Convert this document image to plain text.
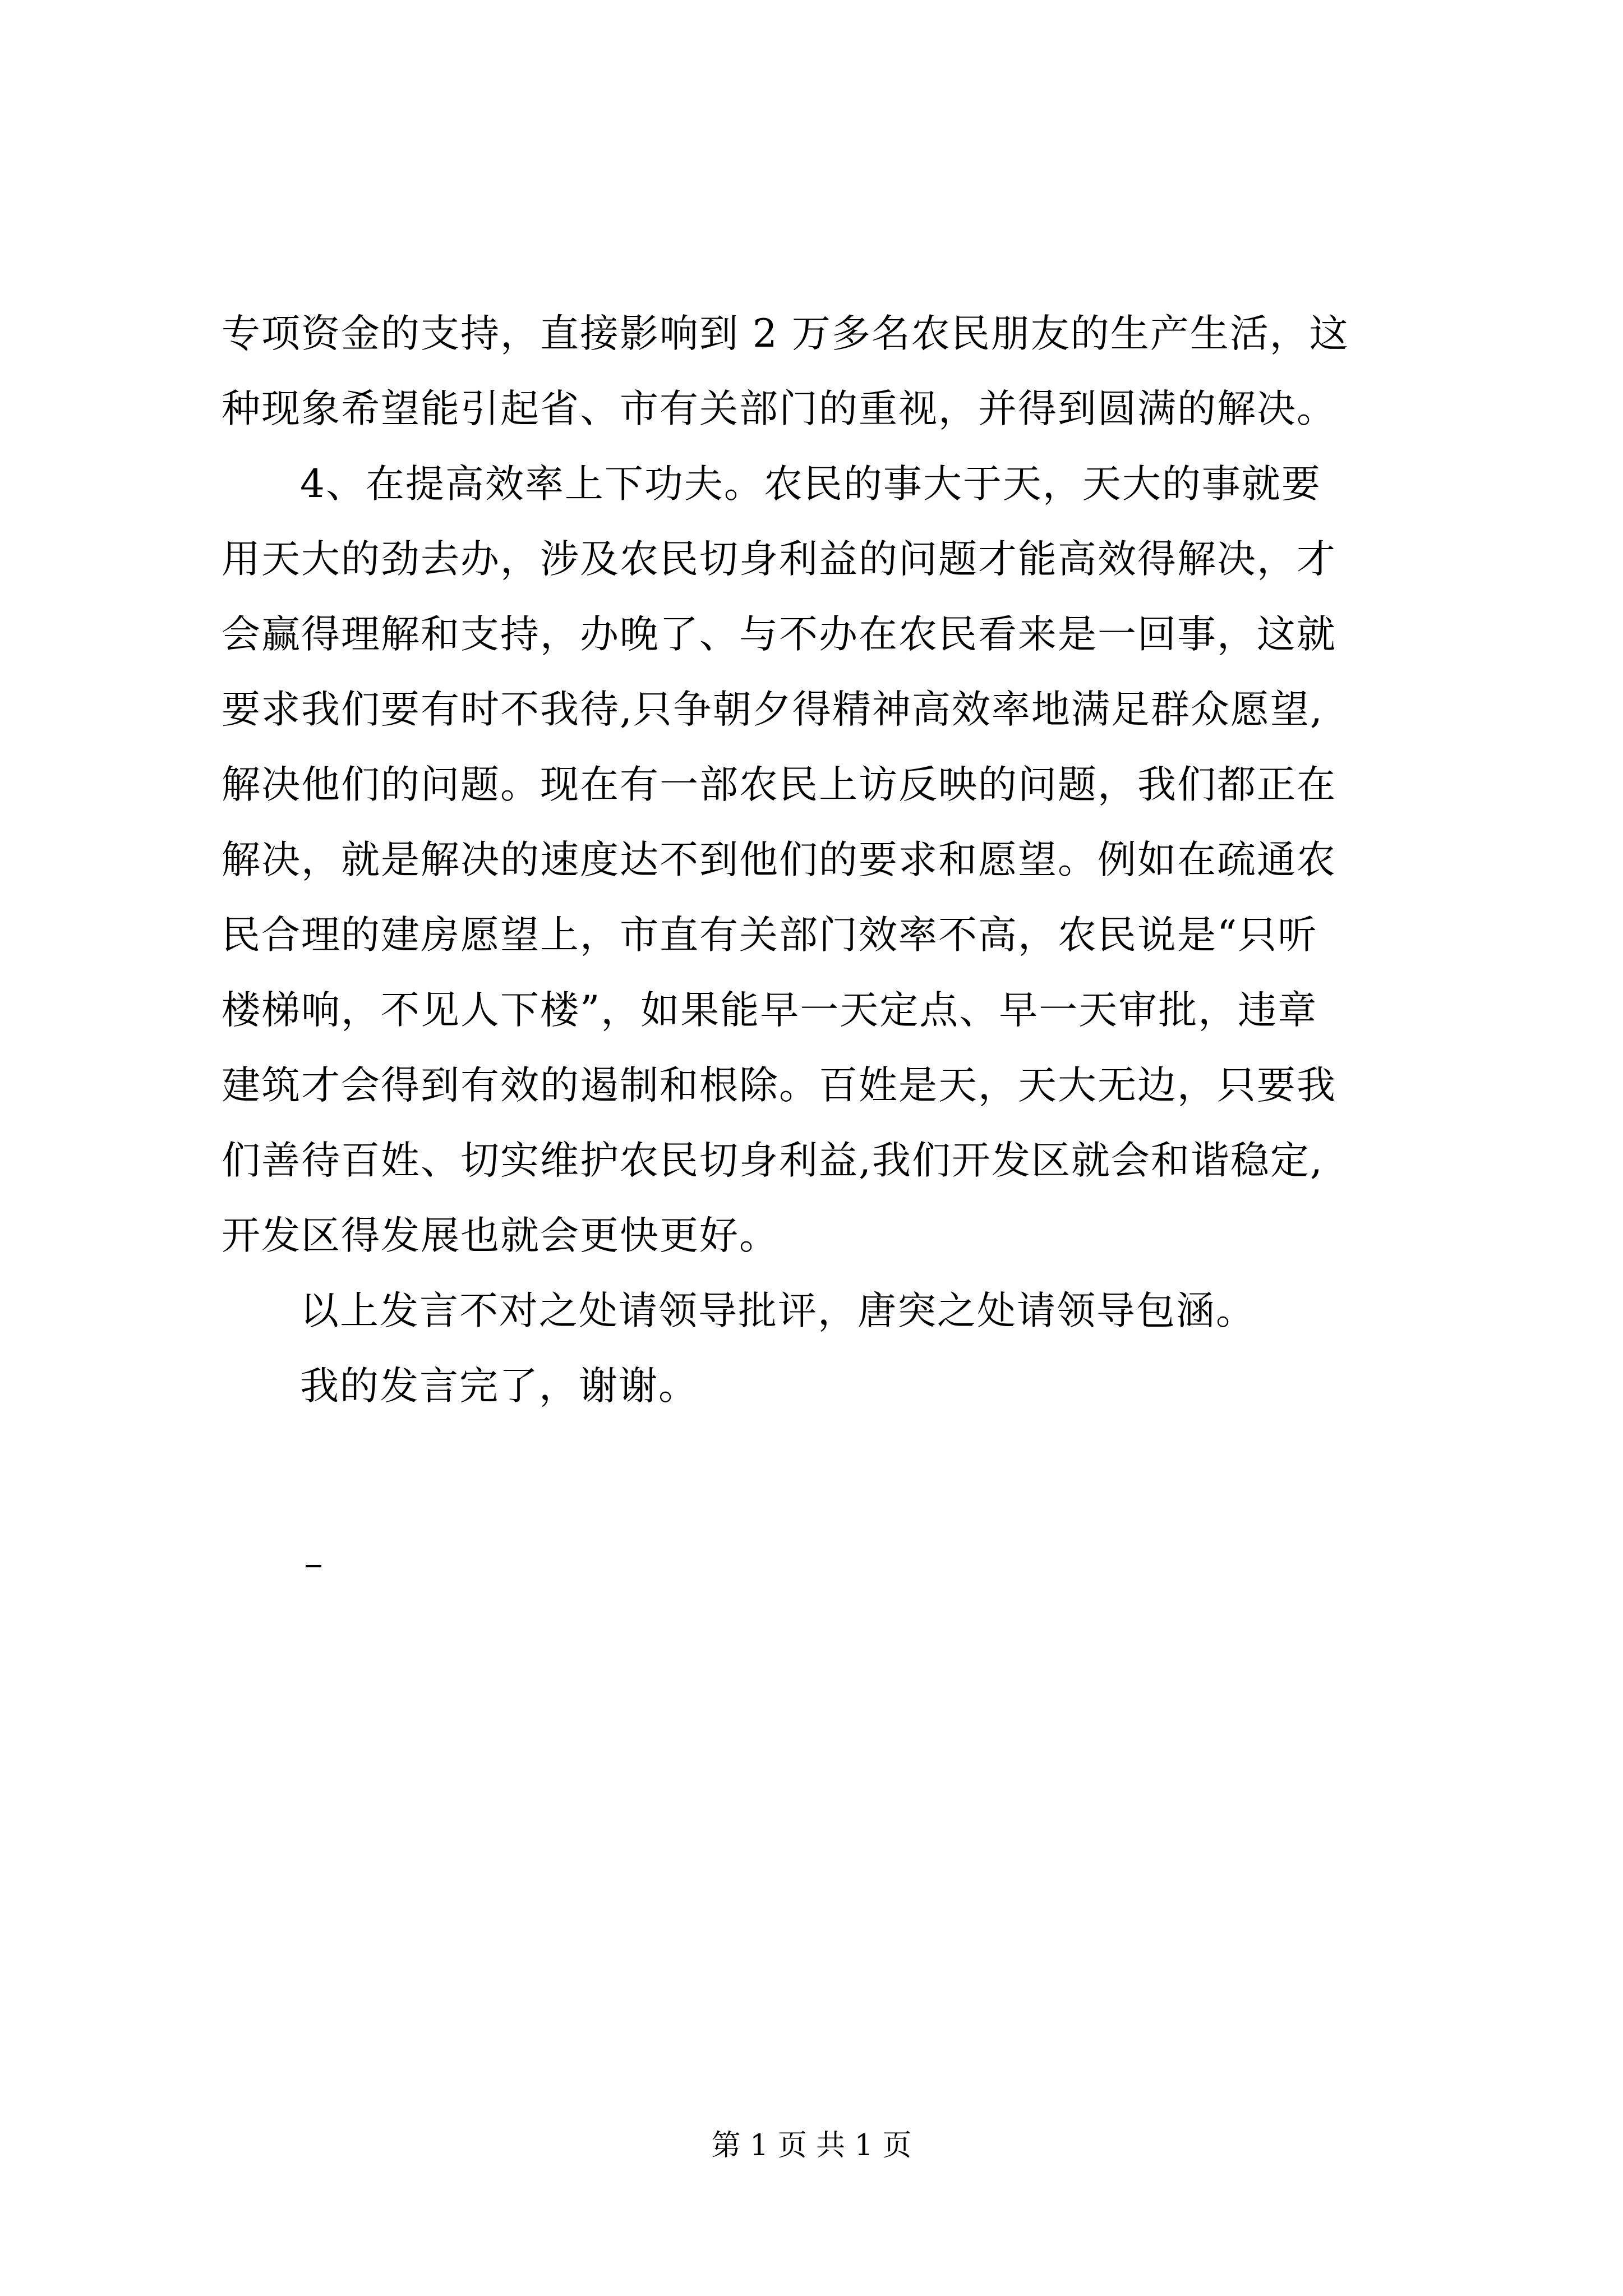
专项资金的支持，直接影响到 2 万多名农民朋友的生产生活，这
种现象希望能引起省、市有关部门的重视，并得到圆满的解决。
4、在提高效率上下功夫。农民的事大于天，天大的事就要
用天大的劲去办，涉及农民切身利益的问题才能高效得解决，才
会赢得理解和支持，办晚了、与不办在农民看来是一回事，这就
要求我们要有时不我待,只争朝夕得精神高效率地满足群众愿望,
解决他们的问题。现在有一部农民上访反映的问题，我们都正在
解决，就是解决的速度达不到他们的要求和愿望。例如在疏通农
民合理的建房愿望上，市直有关部门效率不高，农民说是“只听
楼梯响，不见人下楼”，如果能早一天定点、早一天审批，违章
建筑才会得到有效的遏制和根除。百姓是天，天大无边，只要我
们善待百姓、切实维护农民切身利益,我们开发区就会和谐稳定,
开发区得发展也就会更快更好。
以上发言不对之处请领导批评，唐突之处请领导包涵。
我的发言完了，谢谢。
第 1 页 共 1 页
